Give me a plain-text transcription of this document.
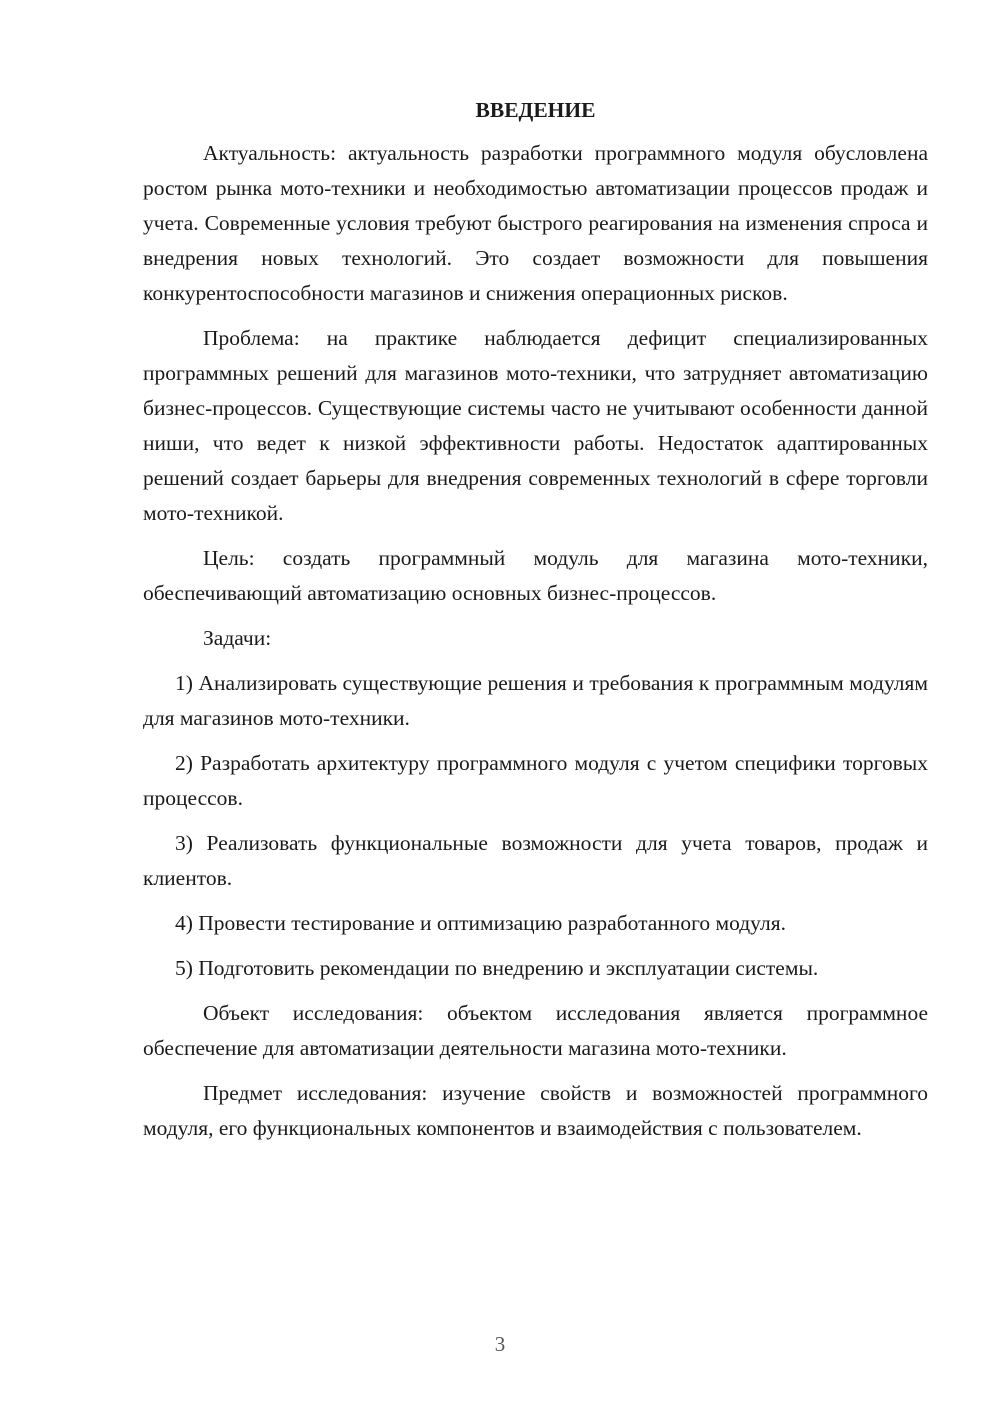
ВВЕДЕНИЕ

Актуальность: актуальность разработки программного модуля обусловлена ростом рынка мото-техники и необходимостью автоматизации процессов продаж и учета. Современные условия требуют быстрого реагирования на изменения спроса и внедрения новых технологий. Это создает возможности для повышения конкурентоспособности магазинов и снижения операционных рисков.

Проблема: на практике наблюдается дефицит специализированных программных решений для магазинов мото-техники, что затрудняет автоматизацию бизнес-процессов. Существующие системы часто не учитывают особенности данной ниши, что ведет к низкой эффективности работы. Недостаток адаптированных решений создает барьеры для внедрения современных технологий в сфере торговли мото-техникой.

Цель: создать программный модуль для магазина мото-техники, обеспечивающий автоматизацию основных бизнес-процессов.

Задачи:

1) Анализировать существующие решения и требования к программным модулям для магазинов мото-техники.

2) Разработать архитектуру программного модуля с учетом специфики торговых процессов.

3) Реализовать функциональные возможности для учета товаров, продаж и клиентов.

4) Провести тестирование и оптимизацию разработанного модуля.

5) Подготовить рекомендации по внедрению и эксплуатации системы.

Объект исследования: объектом исследования является программное обеспечение для автоматизации деятельности магазина мото-техники.

Предмет исследования: изучение свойств и возможностей программного модуля, его функциональных компонентов и взаимодействия с пользователем.

3
